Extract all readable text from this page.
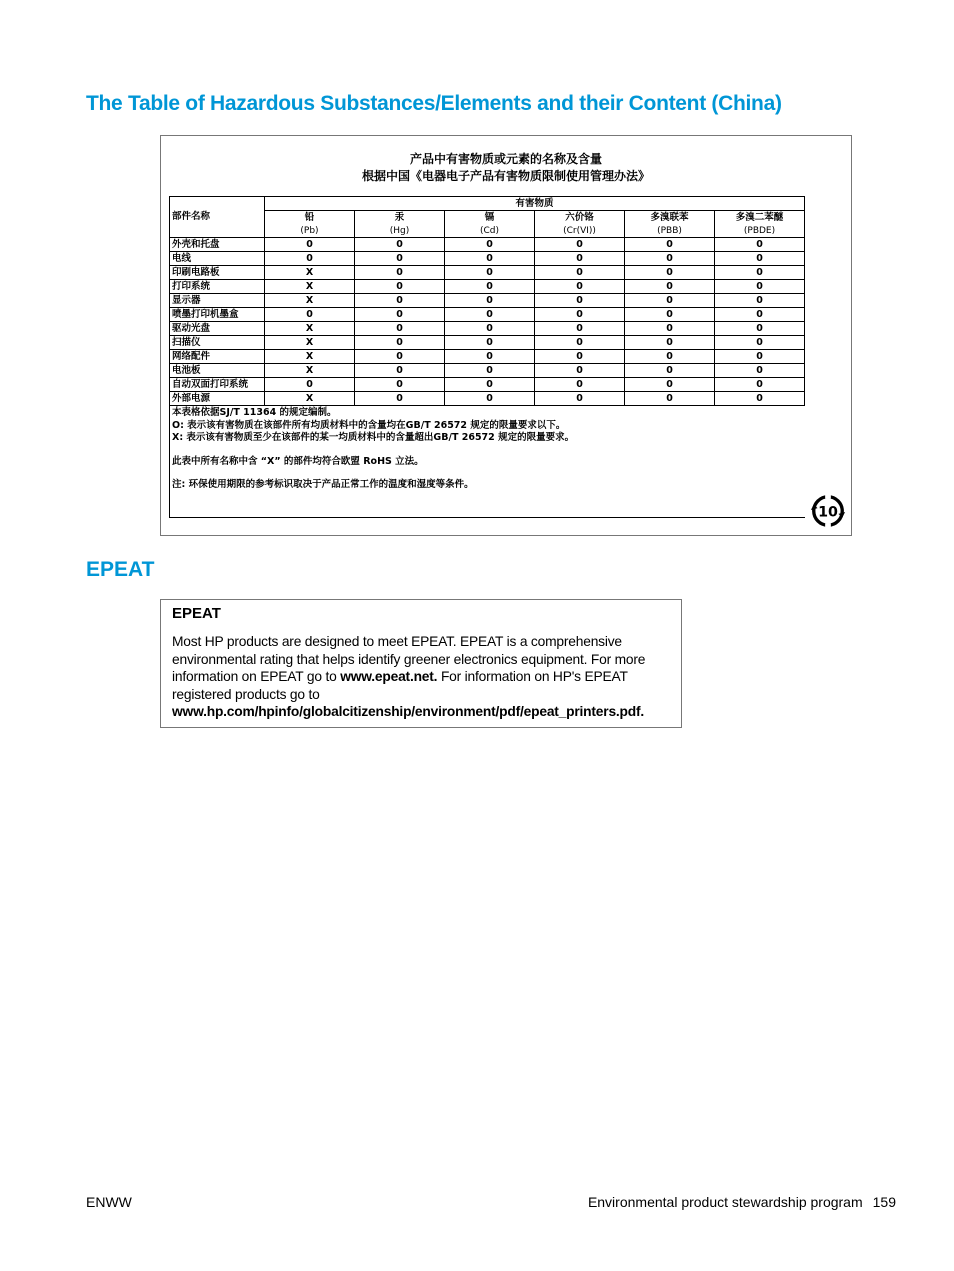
The Table of Hazardous Substances/Elements and their Content (China)
产品中有害物质或元素的名称及含量
根据中国《电器电子产品有害物质限制使用管理办法》
部件名称	有害物质					
	铅	汞	镉	六价铬	多溴联苯	多溴二苯醚
	(Pb)	(Hg)	(Cd)	(Cr(VI))	(PBB)	(PBDE)
外壳和托盘	0	0	0	0	0	0
电线	0	0	0	0	0	0
印刷电路板	X	0	0	0	0	0
打印系统	X	0	0	0	0	0
显示器	X	0	0	0	0	0
喷墨打印机墨盒	0	0	0	0	0	0
驱动光盘	X	0	0	0	0	0
扫描仪	X	0	0	0	0	0
网络配件	X	0	0	0	0	0
电池板	X	0	0	0	0	0
自动双面打印系统	0	0	0	0	0	0
外部电源	X	0	0	0	0	0

本表格依据SJ/T 11364 的规定编制。
O: 表示该有害物质在该部件所有均质材料中的含量均在GB/T 26572 规定的限量要求以下。
X: 表示该有害物质至少在该部件的某一均质材料中的含量超出GB/T 26572 规定的限量要求。
此表中所有名称中含 “X” 的部件均符合欧盟 RoHS 立法。
注: 环保使用期限的参考标识取决于产品正常工作的温度和湿度等条件。						
10
EPEAT
EPEAT
Most HP products are designed to meet EPEAT. EPEAT is a comprehensive environmental rating that helps identify greener electronics equipment. For more information on EPEAT go to www.epeat.net. For information on HP's EPEAT registered products go to
www.hp.com/hpinfo/globalcitizenship/environment/pdf/epeat_printers.pdf.
ENWW	Environmental product stewardship program 159
